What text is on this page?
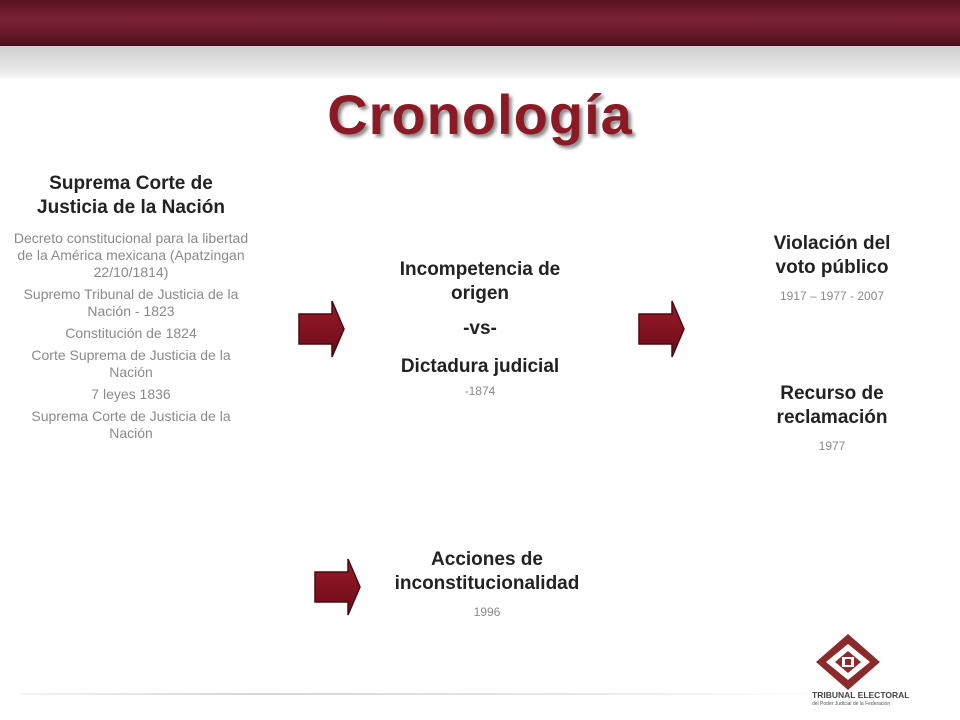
Cronología
Suprema Corte de
Justicia de la Nación
Decreto constitucional para la libertad de la América mexicana (Apatzingan 22/10/1814)
Supremo Tribunal de Justicia de la Nación - 1823
Constitución de 1824
Corte Suprema de Justicia de la Nación
7 leyes 1836
Suprema Corte de Justicia de la Nación
Incompetencia de
origen
-vs-
Dictadura judicial
-1874
Violación del
voto público
1917 – 1977 - 2007
Recurso de
reclamación
1977
Acciones de
inconstitucionalidad
1996
TRIBUNAL ELECTORAL
del Poder Judicial de la Federación
